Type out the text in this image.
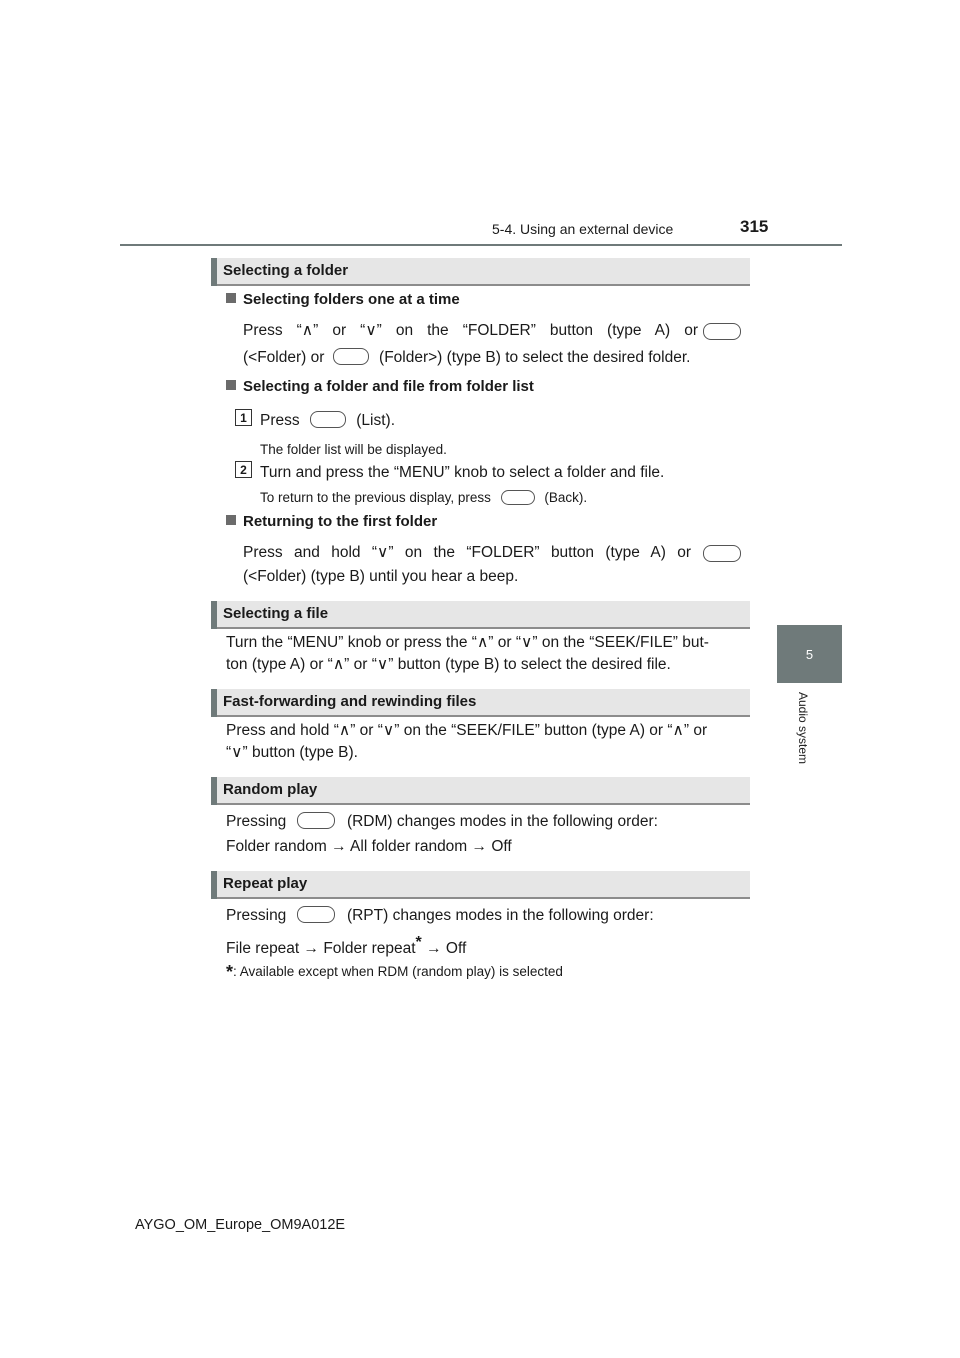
5-4. Using an external device	315
5
Audio system
Selecting a folder
Selecting folders one at a time
Press “∧” or “∨” on the “FOLDER” button (type A) or
(<Folder) or	(Folder>) (type B) to select the desired folder.
Selecting a folder and file from folder list
1 Press	(List).
The folder list will be displayed.
2 Turn and press the “MENU” knob to select a folder and file.
To return to the previous display, press	(Back).
Returning to the first folder
Press and hold “∨” on the “FOLDER” button (type A) or
(<Folder) (type B) until you hear a beep.
Selecting a file
Turn the “MENU” knob or press the “∧” or “∨” on the “SEEK/FILE” but-
ton (type A) or “∧” or “∨” button (type B) to select the desired file.
Fast-forwarding and rewinding files
Press and hold “∧” or “∨” on the “SEEK/FILE” button (type A) or “∧” or
“∨” button (type B).
Random play
Pressing	(RDM) changes modes in the following order:
Folder random → All folder random → Off
Repeat play
Pressing	(RPT) changes modes in the following order:
File repeat → Folder repeat* → Off
*: Available except when RDM (random play) is selected
AYGO_OM_Europe_OM9A012E
